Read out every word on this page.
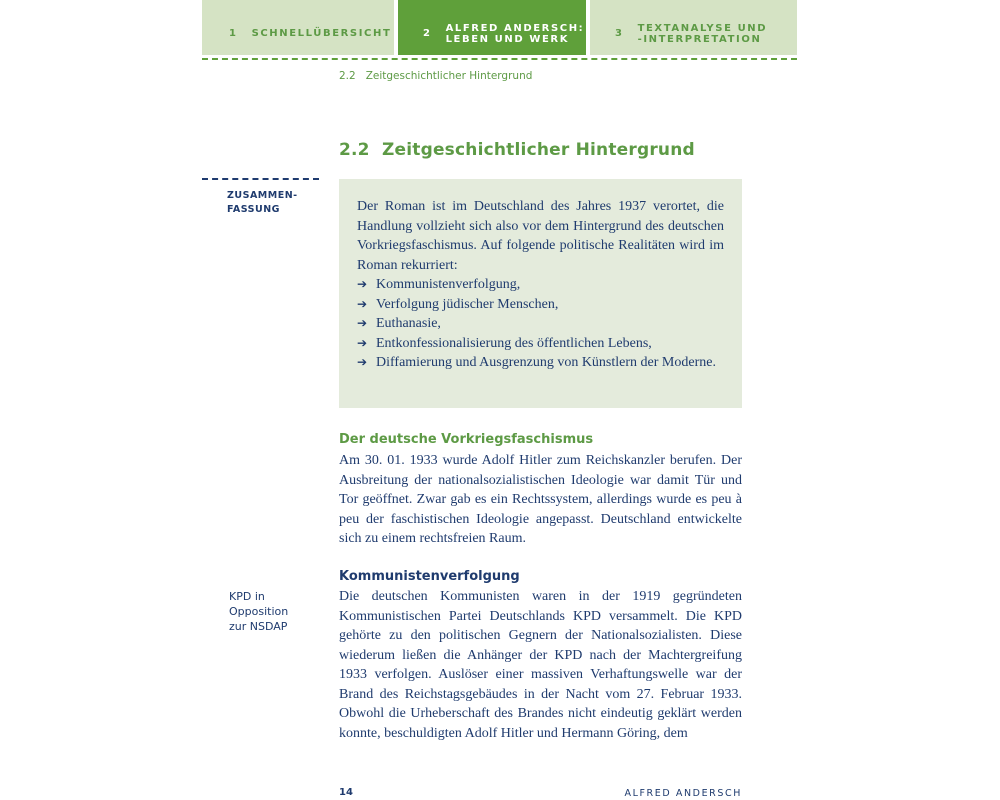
1 SCHNELLÜBERSICHT	2 ALFRED ANDERSCH:
LEBEN UND WERK	3 TEXTANALYSE UND
-INTERPRETATION
2.2 Zeitgeschichtlicher Hintergrund
2.2 Zeitgeschichtlicher Hintergrund
ZUSAMMEN-
FASSUNG	Der Roman ist im Deutschland des Jahres 1937 verortet, die Handlung vollzieht sich also vor dem Hintergrund des deutschen Vorkriegsfaschismus. Auf folgende politische Realitäten wird im Roman rekurriert:

➔ Kommunistenverfolgung,
➔ Verfolgung jüdischer Menschen,
➔ Euthanasie,
➔ Entkonfessionalisierung des öffentlichen Lebens,
➔ Diffamierung und Ausgrenzung von Künstlern der Moderne.
Der deutsche Vorkriegsfaschismus

Am 30. 01. 1933 wurde Adolf Hitler zum Reichskanzler berufen. Der Ausbreitung der nationalsozialistischen Ideologie war damit Tür und Tor geöffnet. Zwar gab es ein Rechtssystem, allerdings wurde es peu à peu der faschistischen Ideologie angepasst. Deutschland entwickelte sich zu einem rechtsfreien Raum.

KPD in
Opposition
zur NSDAP
Kommunistenverfolgung

Die deutschen Kommunisten waren in der 1919 gegründeten Kommunistischen Partei Deutschlands KPD versammelt. Die KPD gehörte zu den politischen Gegnern der Nationalsozialisten. Diese wiederum ließen die Anhänger der KPD nach der Machtergreifung 1933 verfolgen. Auslöser einer massiven Verhaftungswelle war der Brand des Reichstagsgebäudes in der Nacht vom 27. Februar 1933. Obwohl die Urheberschaft des Brandes nicht eindeutig geklärt werden konnte, beschuldigten Adolf Hitler und Hermann Göring, dem

14	ALFRED ANDERSCH
